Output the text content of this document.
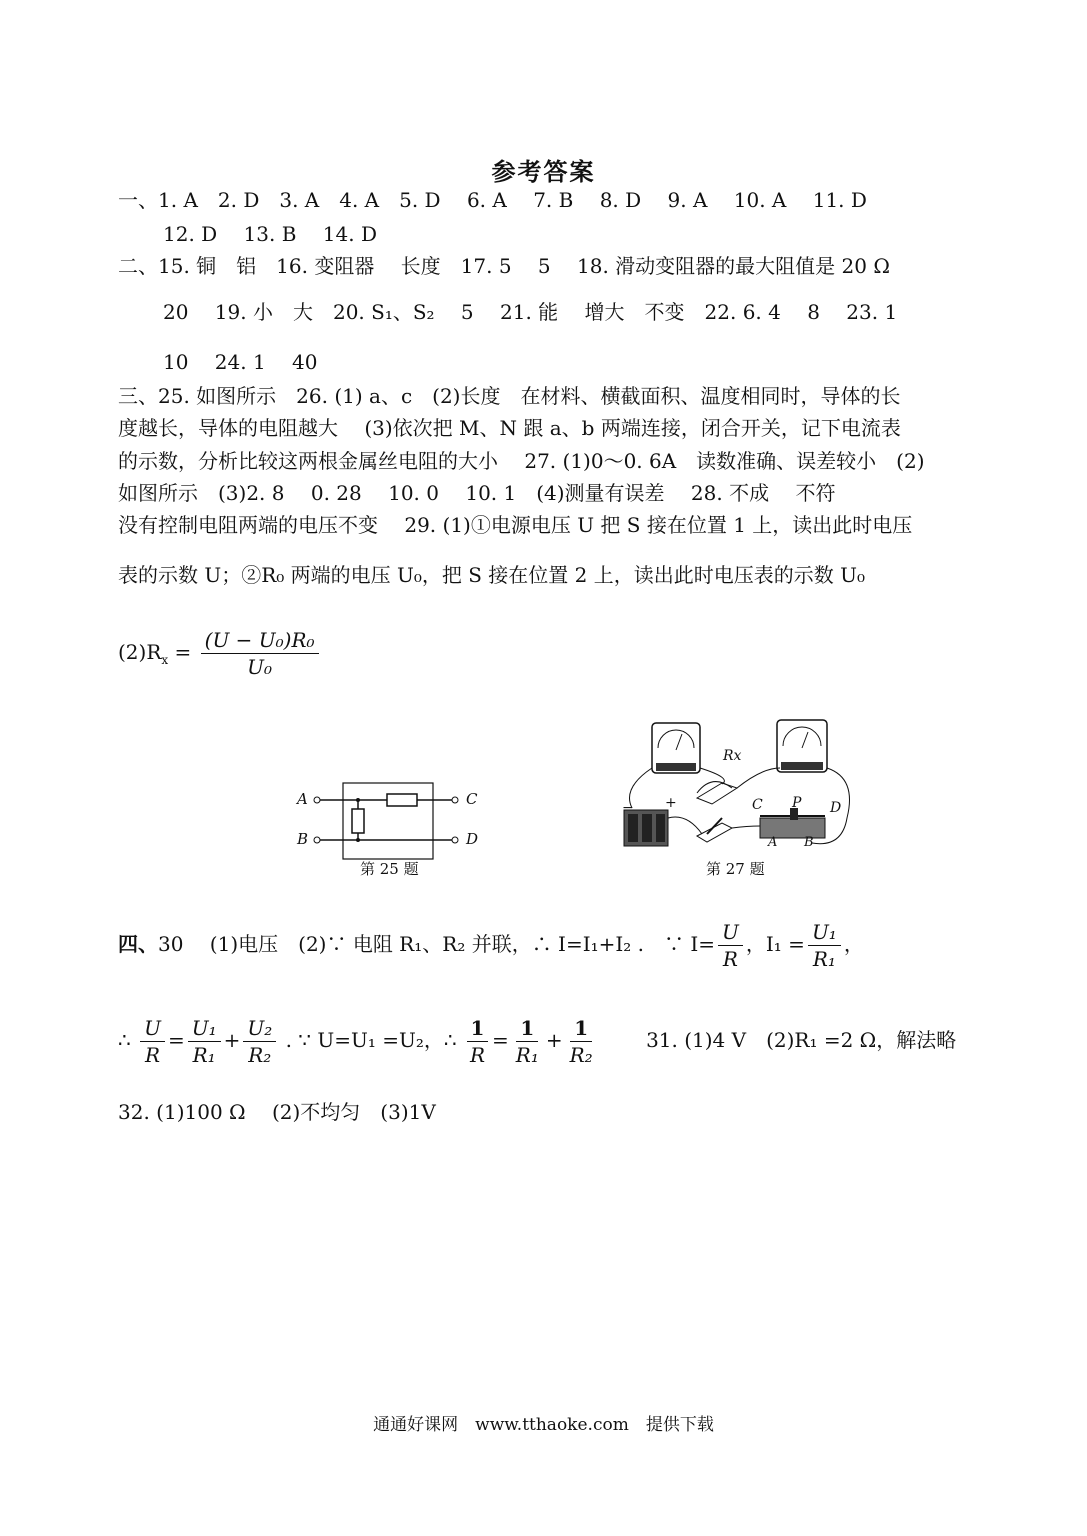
参考答案
一、1. A　2. D　3. A　4. A　5. D　 6. A　 7. B　 8. D　 9. A　 10. A　 11. D
12. D　 13. B　 14. D
二、15. 铜　铝　16. 变阻器　 长度　17. 5　 5　 18. 滑动变阻器的最大阻值是 20 Ω
20　 19. 小　大　20. S₁、S₂　 5　 21. 能　 增大　不变　22. 6. 4　 8　 23. 1
10　 24. 1　 40
三、25. 如图所示　26. (1) a、c　(2)长度　在材料、横截面积、温度相同时，导体的长
度越长，导体的电阻越大　 (3)依次把 M、N 跟 a、b 两端连接，闭合开关，记下电流表
的示数，分析比较这两根金属丝电阻的大小　 27. (1)0～0. 6A　读数准确、误差较小　(2)
如图所示　(3)2. 8　 0. 28　 10. 0　 10. 1　(4)测量有误差　 28. 不成　 不符
没有控制电阻两端的电压不变　 29. (1)①电源电压 U 把 S 接在位置 1 上，读出此时电压
表的示数 U；②R₀ 两端的电压 U₀，把 S 接在位置 2 上，读出此时电压表的示数 U₀
$(2)R_x = \frac{\text{(U − U₀)R₀}}{\text{U₀}}$
A
B
C
D
第 25 题
Rx
C P D
A B
+
−
第 27 题
四、30　 (1)电压　(2)∵ 电阻 R₁、R₂ 并联，∴ I=I₁+I₂ .　∵ $I= \frac{U}{R}$ ，$I_1 = \frac{\text{U₁}}{\text{R₁}}$ ，
∴ $\frac{U}{R} = \frac{\text{U₁}}{\text{R₁}} + \frac{\text{U₂}}{\text{R₂}}$ . ∵ U=U₁ =U₂，∴ $\frac{1}{R} = \frac{1}{\text{R₁}} + \frac{1}{\text{R₂}} 31$. (1)4 V　(2)R₁ =2 Ω，解法略
32. (1)100 Ω　 (2)不均匀　(3)1V
通通好课网　www.tthaoke.com　提供下载
